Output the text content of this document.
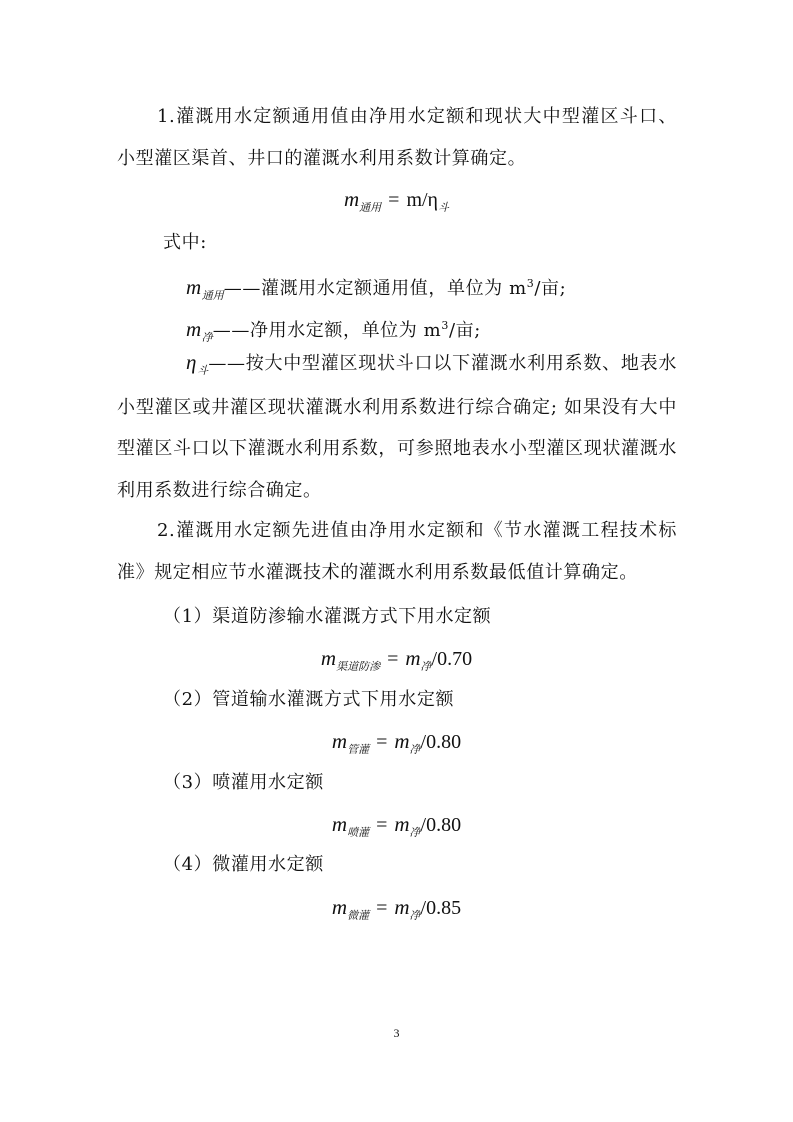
1.灌溉用水定额通用值由净用水定额和现状大中型灌区斗口、小型灌区渠首、井口的灌溉水利用系数计算确定。
$m_{通用} = m/\eta_斗$
式中:
$m_{通用}——$灌溉用水定额通用值，单位为 $m^3/$亩;
$m_净——$净用水定额，单位为 $m^3/$亩;
$\eta_斗——$按大中型灌区现状斗口以下灌溉水利用系数、地表水小型灌区或井灌区现状灌溉水利用系数进行综合确定; 如果没有大中型灌区斗口以下灌溉水利用系数，可参照地表水小型灌区现状灌溉水利用系数进行综合确定。
2.灌溉用水定额先进值由净用水定额和《节水灌溉工程技术标准》规定相应节水灌溉技术的灌溉水利用系数最低值计算确定。
（1）渠道防渗输水灌溉方式下用水定额
$m_{渠道防渗} = m_净/0.70$
（2）管道输水灌溉方式下用水定额
$m_{管灌} = m_净/0.80$
（3）喷灌用水定额
$m_{喷灌} = m_净/0.80$
（4）微灌用水定额
$m_{微灌} = m_净/0.85$
3
